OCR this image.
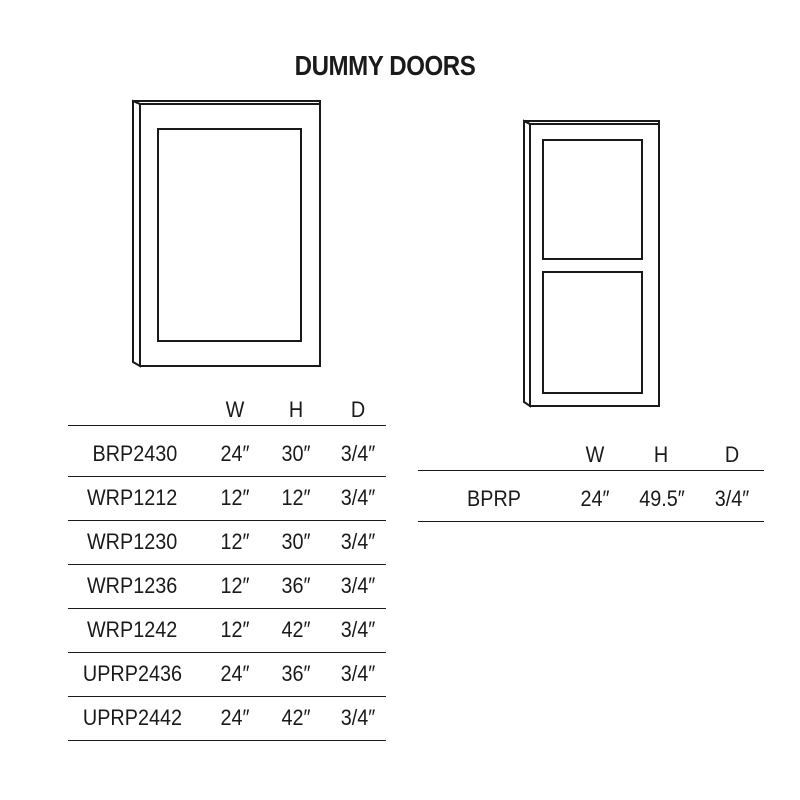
DUMMY DOORS
W	H	D
BRP2430 24″	30″	3/4″
WRP1212 12″	12″	3/4″
WRP1230 12″	30″	3/4″
WRP1236 12″	36″	3/4″
WRP1242 12″	42″	3/4″
UPRP2436 24″	36″	3/4″
UPRP2442 24″	42″	3/4″
W	H	D
BPRP	24″ 49.5″ 3/4″
